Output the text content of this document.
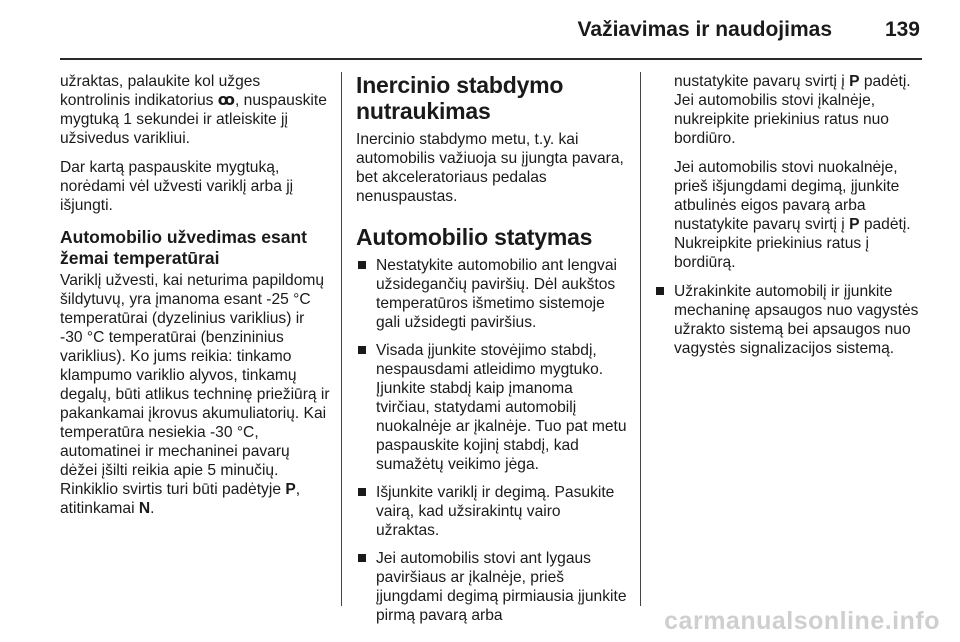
Važiavimas ir naudojimas	139

užraktas, palaukite kol užges kontrolinis indikatorius ꝏ, nuspauskite mygtuką 1 sekundei ir atleiskite jį užsivedus varikliui.

Dar kartą paspauskite mygtuką, norėdami vėl užvesti variklį arba jį išjungti.

Automobilio užvedimas esant žemai temperatūrai

Variklį užvesti, kai neturima papildomų šildytuvų, yra įmanoma esant -25 °C temperatūrai (dyzelinius variklius) ir -30 °C temperatūrai (benzininius variklius). Ko jums reikia: tinkamo klampumo variklio alyvos, tinkamų degalų, būti atlikus techninę priežiūrą ir pakankamai įkrovus akumuliatorių. Kai temperatūra nesiekia -30 °C, automatinei ir mechaninei pavarų dėžei įšilti reikia apie 5 minučių. Rinkiklio svirtis turi būti padėtyje P, atitinkamai N.

Inercinio stabdymo nutraukimas

Inercinio stabdymo metu, t.y. kai automobilis važiuoja su įjungta pavara, bet akceleratoriaus pedalas nenuspaustas.

Automobilio statymas
Nestatykite automobilio ant lengvai užsidegančių paviršių. Dėl aukštos temperatūros išmetimo sistemoje gali užsidegti paviršius.
Visada įjunkite stovėjimo stabdį, nespausdami atleidimo mygtuko. Įjunkite stabdį kaip įmanoma tvirčiau, statydami automobilį nuokalnėje ar įkalnėje. Tuo pat metu paspauskite kojinį stabdį, kad sumažėtų veikimo jėga.
Išjunkite variklį ir degimą. Pasukite vairą, kad užsirakintų vairo užraktas.
Jei automobilis stovi ant lygaus paviršiaus ar įkalnėje, prieš įjungdami degimą pirmiausia įjunkite pirmą pavarą arba

nustatykite pavarų svirtį į P padėtį. Jei automobilis stovi įkalnėje, nukreipkite priekinius ratus nuo bordiūro.

Jei automobilis stovi nuokalnėje, prieš išjungdami degimą, įjunkite atbulinės eigos pavarą arba nustatykite pavarų svirtį į P padėtį. Nukreipkite priekinius ratus į bordiūrą.

Užrakinkite automobilį ir įjunkite mechaninę apsaugos nuo vagystės užrakto sistemą bei apsaugos nuo vagystės signalizacijos sistemą.
carmanualsonline.info
